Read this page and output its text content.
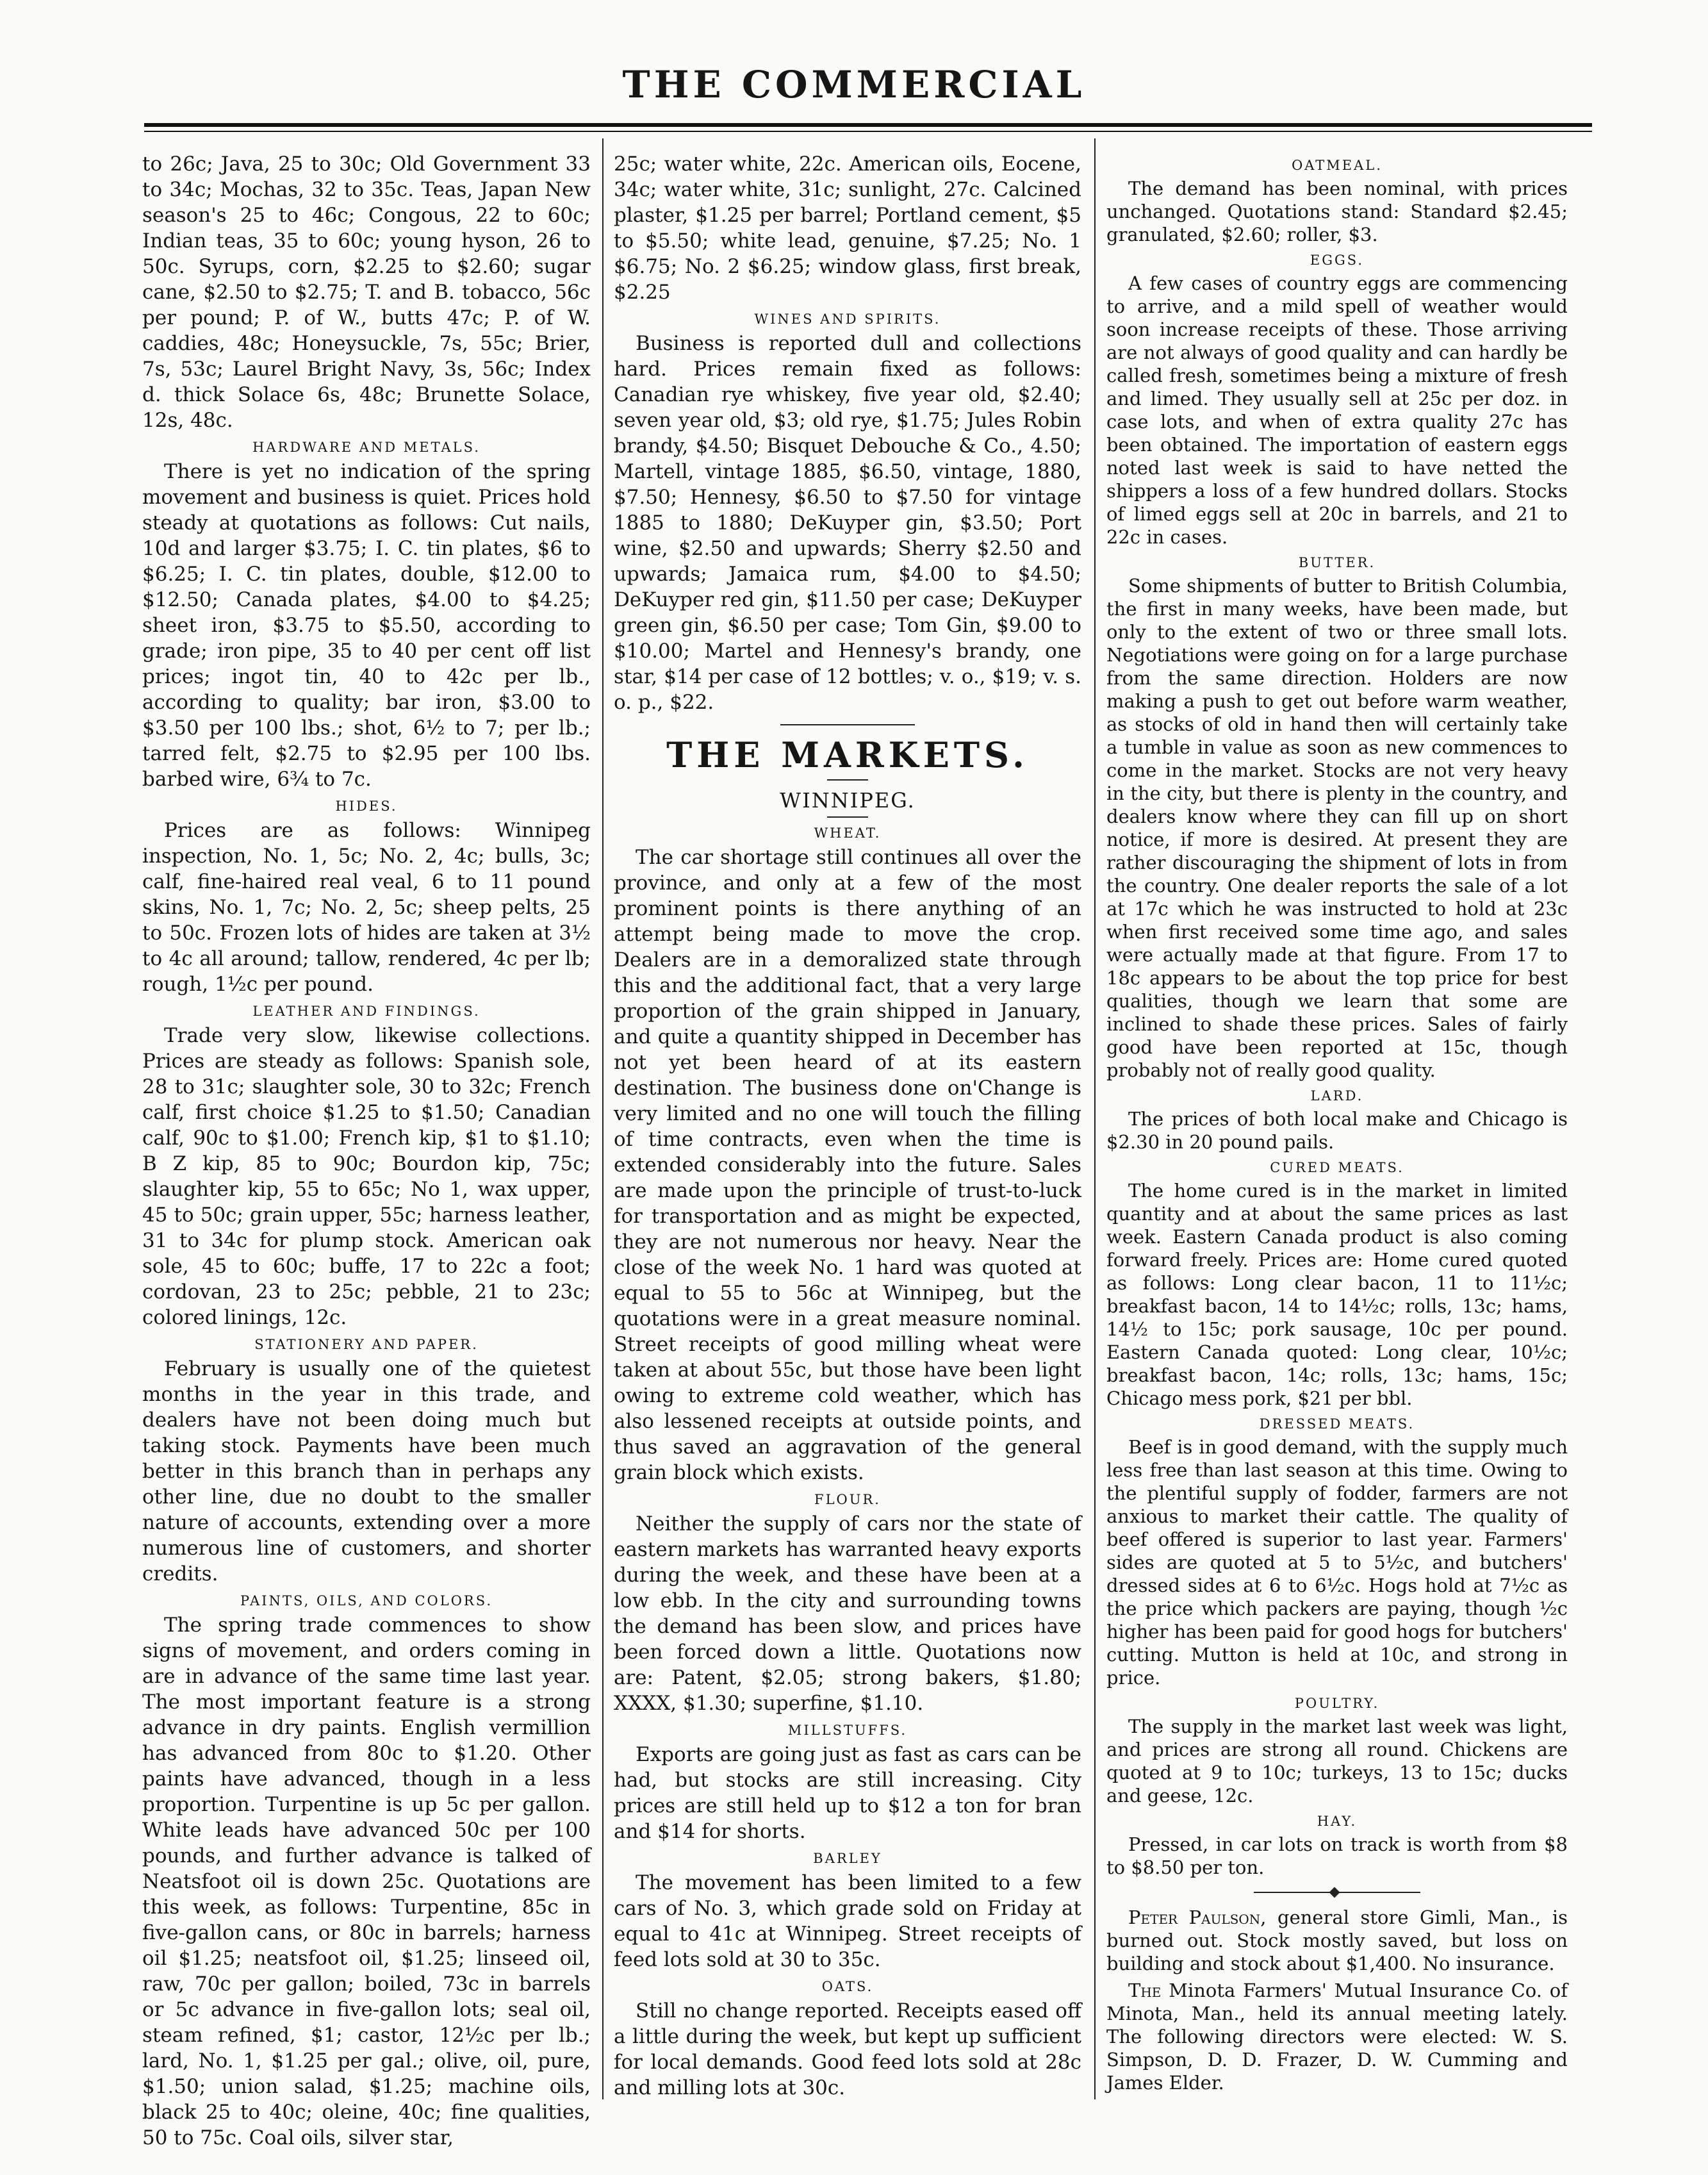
THE COMMERCIAL

to 26c; Java, 25 to 30c; Old Government 33 to 34c; Mochas, 32 to 35c. Teas, Japan New season's 25 to 46c; Congous, 22 to 60c; Indian teas, 35 to 60c; young hyson, 26 to 50c. Syrups, corn, $2.25 to $2.60; sugar cane, $2.50 to $2.75; T. and B. tobacco, 56c per pound; P. of W., butts 47c; P. of W. caddies, 48c; Honeysuckle, 7s, 55c; Brier, 7s, 53c; Laurel Bright Navy, 3s, 56c; Index d. thick Solace 6s, 48c; Brunette Solace, 12s, 48c.

HARDWARE AND METALS.

There is yet no indication of the spring movement and business is quiet. Prices hold steady at quotations as follows: Cut nails, 10d and larger $3.75; I. C. tin plates, $6 to $6.25; I. C. tin plates, double, $12.00 to $12.50; Canada plates, $4.00 to $4.25; sheet iron, $3.75 to $5.50, according to grade; iron pipe, 35 to 40 per cent off list prices; ingot tin, 40 to 42c per lb., according to quality; bar iron, $3.00 to $3.50 per 100 lbs.; shot, 6½ to 7; per lb.; tarred felt, $2.75 to $2.95 per 100 lbs. barbed wire, 6¾ to 7c.

HIDES.

Prices are as follows: Winnipeg inspection, No. 1, 5c; No. 2, 4c; bulls, 3c; calf, fine-haired real veal, 6 to 11 pound skins, No. 1, 7c; No. 2, 5c; sheep pelts, 25 to 50c. Frozen lots of hides are taken at 3½ to 4c all around; tallow, rendered, 4c per lb; rough, 1½c per pound.

LEATHER AND FINDINGS.

Trade very slow, likewise collections. Prices are steady as follows: Spanish sole, 28 to 31c; slaughter sole, 30 to 32c; French calf, first choice $1.25 to $1.50; Canadian calf, 90c to $1.00; French kip, $1 to $1.10; B Z kip, 85 to 90c; Bourdon kip, 75c; slaughter kip, 55 to 65c; No 1, wax upper, 45 to 50c; grain upper, 55c; harness leather, 31 to 34c for plump stock. American oak sole, 45 to 60c; buffe, 17 to 22c a foot; cordovan, 23 to 25c; pebble, 21 to 23c; colored linings, 12c.

STATIONERY AND PAPER.

February is usually one of the quietest months in the year in this trade, and dealers have not been doing much but taking stock. Payments have been much better in this branch than in perhaps any other line, due no doubt to the smaller nature of accounts, extending over a more numerous line of customers, and shorter credits.

PAINTS, OILS, AND COLORS.

The spring trade commences to show signs of movement, and orders coming in are in advance of the same time last year. The most important feature is a strong advance in dry paints. English vermillion has advanced from 80c to $1.20. Other paints have advanced, though in a less proportion. Turpentine is up 5c per gallon. White leads have advanced 50c per 100 pounds, and further advance is talked of Neatsfoot oil is down 25c. Quotations are this week, as follows: Turpentine, 85c in five-gallon cans, or 80c in barrels; harness oil $1.25; neatsfoot oil, $1.25; linseed oil, raw, 70c per gallon; boiled, 73c in barrels or 5c advance in five-gallon lots; seal oil, steam refined, $1; castor, 12½c per lb.; lard, No. 1, $1.25 per gal.; olive, oil, pure, $1.50; union salad, $1.25; machine oils, black 25 to 40c; oleine, 40c; fine qualities, 50 to 75c. Coal oils, silver star,

25c; water white, 22c. American oils, Eocene, 34c; water white, 31c; sunlight, 27c. Calcined plaster, $1.25 per barrel; Portland cement, $5 to $5.50; white lead, genuine, $7.25; No. 1 $6.75; No. 2 $6.25; window glass, first break, $2.25

WINES AND SPIRITS.

Business is reported dull and collections hard. Prices remain fixed as follows: Canadian rye whiskey, five year old, $2.40; seven year old, $3; old rye, $1.75; Jules Robin brandy, $4.50; Bisquet Debouche & Co., 4.50; Martell, vintage 1885, $6.50, vintage, 1880, $7.50; Hennesy, $6.50 to $7.50 for vintage 1885 to 1880; DeKuyper gin, $3.50; Port wine, $2.50 and upwards; Sherry $2.50 and upwards; Jamaica rum, $4.00 to $4.50; DeKuyper red gin, $11.50 per case; DeKuyper green gin, $6.50 per case; Tom Gin, $9.00 to $10.00; Martel and Hennesy's brandy, one star, $14 per case of 12 bottles; v. o., $19; v. s. o. p., $22.

THE MARKETS.
WINNIPEG.
WHEAT.

The car shortage still continues all over the province, and only at a few of the most prominent points is there anything of an attempt being made to move the crop. Dealers are in a demoralized state through this and the additional fact, that a very large proportion of the grain shipped in January, and quite a quantity shipped in December has not yet been heard of at its eastern destination. The business done on'Change is very limited and no one will touch the filling of time contracts, even when the time is extended considerably into the future. Sales are made upon the principle of trust-to-luck for transportation and as might be expected, they are not numerous nor heavy. Near the close of the week No. 1 hard was quoted at equal to 55 to 56c at Winnipeg, but the quotations were in a great measure nominal. Street receipts of good milling wheat were taken at about 55c, but those have been light owing to extreme cold weather, which has also lessened receipts at outside points, and thus saved an aggravation of the general grain block which exists.

FLOUR.

Neither the supply of cars nor the state of eastern markets has warranted heavy exports during the week, and these have been at a low ebb. In the city and surrounding towns the demand has been slow, and prices have been forced down a little. Quotations now are: Patent, $2.05; strong bakers, $1.80; XXXX, $1.30; superfine, $1.10.

MILLSTUFFS.

Exports are going just as fast as cars can be had, but stocks are still increasing. City prices are still held up to $12 a ton for bran and $14 for shorts.

BARLEY

The movement has been limited to a few cars of No. 3, which grade sold on Friday at equal to 41c at Winnipeg. Street receipts of feed lots sold at 30 to 35c.

OATS.

Still no change reported. Receipts eased off a little during the week, but kept up sufficient for local demands. Good feed lots sold at 28c and milling lots at 30c.

OATMEAL.

The demand has been nominal, with prices unchanged. Quotations stand: Standard $2.45; granulated, $2.60; roller, $3.

EGGS.

A few cases of country eggs are commencing to arrive, and a mild spell of weather would soon increase receipts of these. Those arriving are not always of good quality and can hardly be called fresh, sometimes being a mixture of fresh and limed. They usually sell at 25c per doz. in case lots, and when of extra quality 27c has been obtained. The importation of eastern eggs noted last week is said to have netted the shippers a loss of a few hundred dollars. Stocks of limed eggs sell at 20c in barrels, and 21 to 22c in cases.

BUTTER.

Some shipments of butter to British Columbia, the first in many weeks, have been made, but only to the extent of two or three small lots. Negotiations were going on for a large purchase from the same direction. Holders are now making a push to get out before warm weather, as stocks of old in hand then will certainly take a tumble in value as soon as new commences to come in the market. Stocks are not very heavy in the city, but there is plenty in the country, and dealers know where they can fill up on short notice, if more is desired. At present they are rather discouraging the shipment of lots in from the country. One dealer reports the sale of a lot at 17c which he was instructed to hold at 23c when first received some time ago, and sales were actually made at that figure. From 17 to 18c appears to be about the top price for best qualities, though we learn that some are inclined to shade these prices. Sales of fairly good have been reported at 15c, though probably not of really good quality.

LARD.

The prices of both local make and Chicago is $2.30 in 20 pound pails.

CURED MEATS.

The home cured is in the market in limited quantity and at about the same prices as last week. Eastern Canada product is also coming forward freely. Prices are: Home cured quoted as follows: Long clear bacon, 11 to 11½c; breakfast bacon, 14 to 14½c; rolls, 13c; hams, 14½ to 15c; pork sausage, 10c per pound. Eastern Canada quoted: Long clear, 10½c; breakfast bacon, 14c; rolls, 13c; hams, 15c; Chicago mess pork, $21 per bbl.

DRESSED MEATS.

Beef is in good demand, with the supply much less free than last season at this time. Owing to the plentiful supply of fodder, farmers are not anxious to market their cattle. The quality of beef offered is superior to last year. Farmers' sides are quoted at 5 to 5½c, and butchers' dressed sides at 6 to 6½c. Hogs hold at 7½c as the price which packers are paying, though ½c higher has been paid for good hogs for butchers' cutting. Mutton is held at 10c, and strong in price.

POULTRY.

The supply in the market last week was light, and prices are strong all round. Chickens are quoted at 9 to 10c; turkeys, 13 to 15c; ducks and geese, 12c.

HAY.

Pressed, in car lots on track is worth from $8 to $8.50 per ton.

Peter Paulson, general store Gimli, Man., is burned out. Stock mostly saved, but loss on building and stock about $1,400. No insurance.

The Minota Farmers' Mutual Insurance Co. of Minota, Man., held its annual meeting lately. The following directors were elected: W. S. Simpson, D. D. Frazer, D. W. Cumming and James Elder.
